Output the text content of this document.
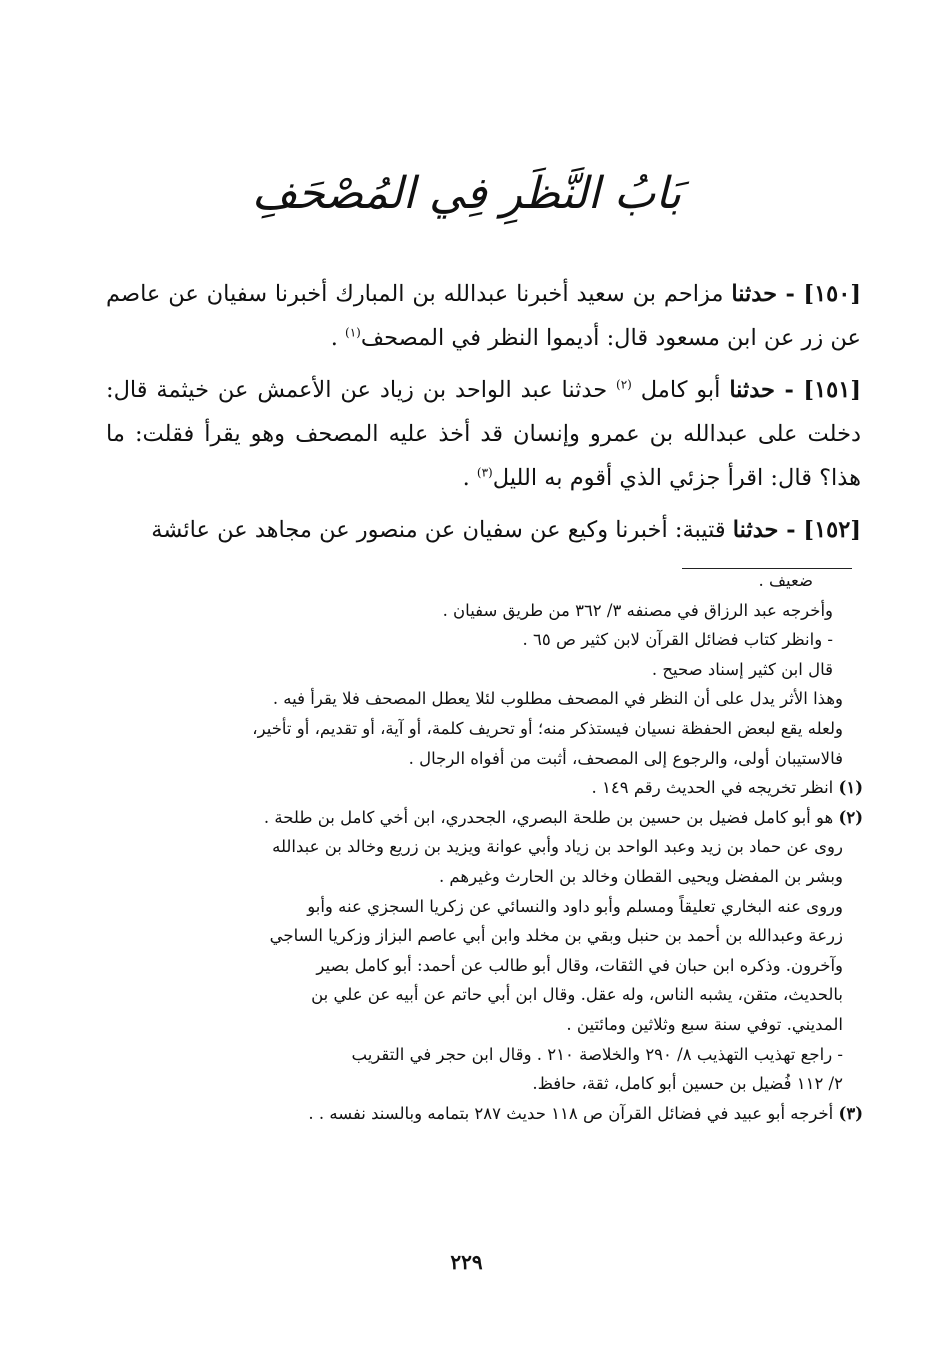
بَابُ النَّظَرِ فِي المُصْحَفِ

[١٥٠] - حدثنا مزاحم بن سعيد أخبرنا عبدالله بن المبارك أخبرنا سفيان عن عاصم عن زر عن ابن مسعود قال: أديموا النظر في المصحف$^{(١)}$ .

[١٥١] - حدثنا أبو كامل $^{(٢)}$ حدثنا عبد الواحد بن زياد عن الأعمش عن خيثمة قال: دخلت على عبدالله بن عمرو وإنسان قد أخذ عليه المصحف وهو يقرأ فقلت: ما هذا؟ قال: اقرأ جزئي الذي أقوم به الليل$^{(٣)}$ .

[١٥٢] - حدثنا قتيبة: أخبرنا وكيع عن سفيان عن منصور عن مجاهد عن عائشة

ضعيف .

وأخرجه عبد الرزاق في مصنفه ٣/ ٣٦٢ من طريق سفيان .

- وانظر كتاب فضائل القرآن لابن كثير ص ٦٥ .

قال ابن كثير إسناد صحيح .

وهذا الأثر يدل على أن النظر في المصحف مطلوب لئلا يعطل المصحف فلا يقرأ فيه .

ولعله يقع لبعض الحفظة نسيان فيستذكر منه؛ أو تحريف كلمة، أو آية، أو تقديم، أو تأخير،

فالاستيبان أولى، والرجوع إلى المصحف، أثبت من أفواه الرجال .

(١) انظر تخريجه في الحديث رقم ١٤٩ .

(٢) هو أبو كامل فضيل بن حسين بن طلحة البصري، الجحدري، ابن أخي كامل بن طلحة .

روى عن حماد بن زيد وعبد الواحد بن زياد وأبي عوانة ويزيد بن زريع وخالد بن عبدالله

وبشر بن المفضل ويحيى القطان وخالد بن الحارث وغيرهم .

وروى عنه البخاري تعليقاً ومسلم وأبو داود والنسائي عن زكريا السجزي عنه وأبو

زرعة وعبدالله بن أحمد بن حنبل وبقي بن مخلد وابن أبي عاصم البزاز وزكريا الساجي

وآخرون. وذكره ابن حبان في الثقات، وقال أبو طالب عن أحمد: أبو كامل بصير

بالحديث، متقن، يشبه الناس، وله عقل. وقال ابن أبي حاتم عن أبيه عن علي بن

المديني. توفي سنة سبع وثلاثين ومائتين .

- راجع تهذيب التهذيب ٨/ ٢٩٠ والخلاصة ٢١٠ . وقال ابن حجر في التقريب

٢/ ١١٢ فُضيل بن حسين أبو كامل، ثقة، حافظ.

(٣) أخرجه أبو عبيد في فضائل القرآن ص ١١٨ حديث ٢٨٧ بتمامه وبالسند نفسه . .

٢٢٩
